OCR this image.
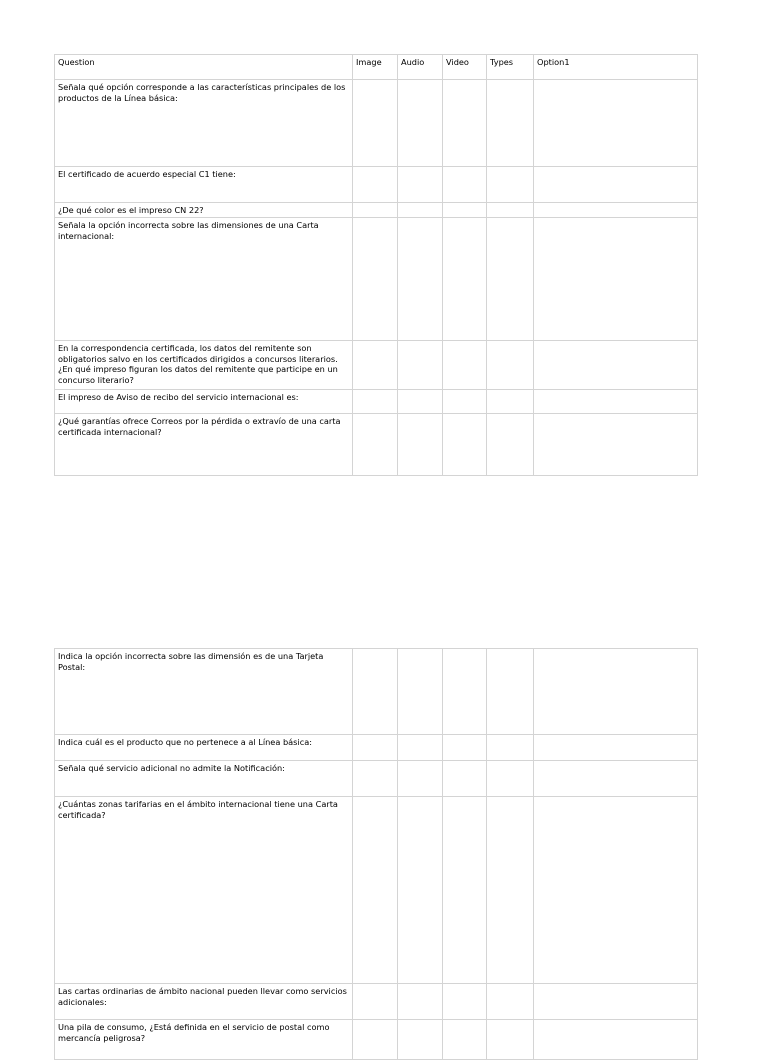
Question	Image	Audio	Video	Types	Option1
Señala qué opción corresponde a las características principales de los productos de la Línea básica:					
El certificado de acuerdo especial C1 tiene:					
¿De qué color es el impreso CN 22?					
Señala la opción incorrecta sobre las dimensiones de una Carta internacional:					
En la correspondencia certificada, los datos del remitente son obligatorios salvo en los certificados dirigidos a concursos literarios. ¿En qué impreso figuran los datos del remitente que participe en un concurso literario?					
El impreso de Aviso de recibo del servicio internacional es:					
¿Qué garantías ofrece Correos por la pérdida o extravío de una carta certificada internacional?					
Indica la opción incorrecta sobre las dimensión es de una Tarjeta Postal:					
Indica cuál es el producto que no pertenece a al Línea básica:					
Señala qué servicio adicional no admite la Notificación:					
¿Cuántas zonas tarifarias en el ámbito internacional tiene una Carta certificada?					
Las cartas ordinarias de ámbito nacional pueden llevar como servicios adicionales:					
Una pila de consumo, ¿Está definida en el servicio de postal como mercancía peligrosa?					
